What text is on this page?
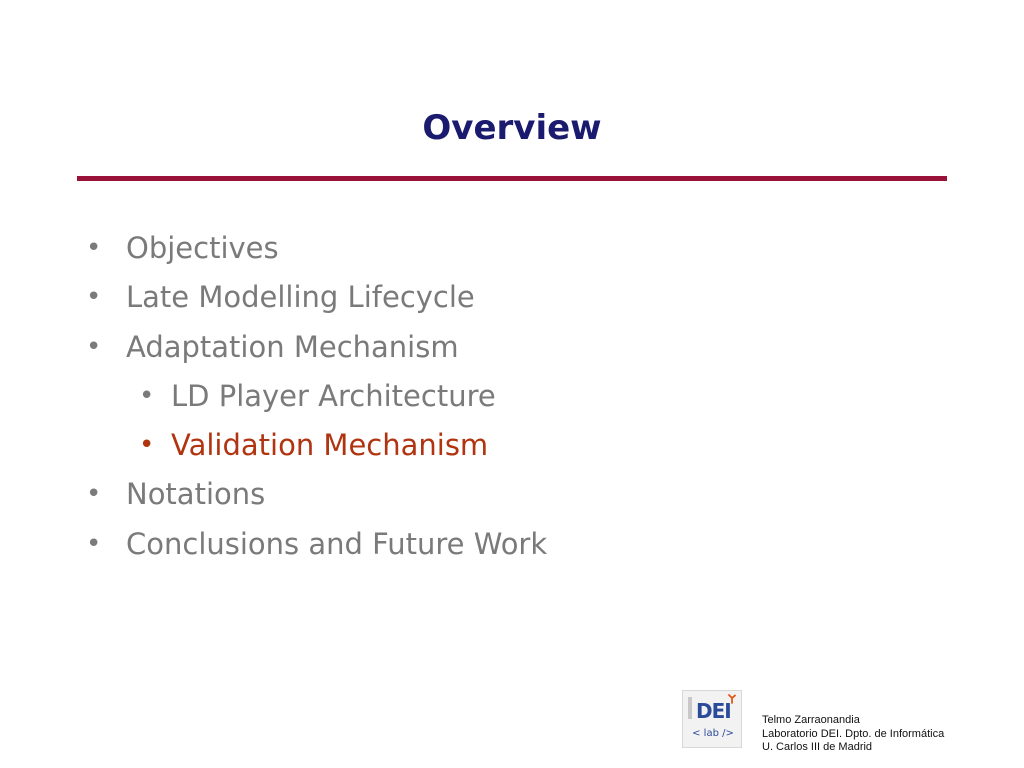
Overview
• Objectives
• Late Modelling Lifecycle
• Adaptation Mechanism
• LD Player Architecture
• Validation Mechanism
• Notations
• Conclusions and Future Work
DEI
< lab />
Telmo Zarraonandia
Laboratorio DEI. Dpto. de Informática
U. Carlos III de Madrid
